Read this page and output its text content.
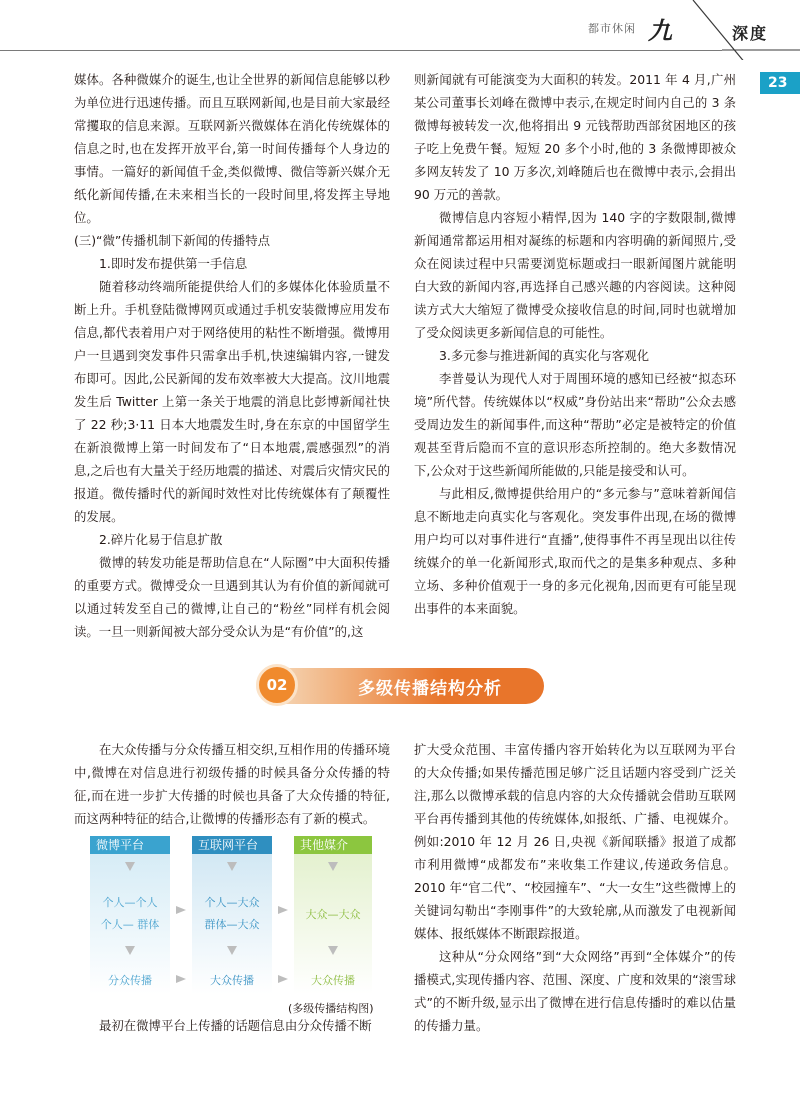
都市休闲 九	深度
23

媒体。各种微媒介的诞生,也让全世界的新闻信息能够以秒为单位进行迅速传播。而且互联网新闻,也是目前大家最经常攫取的信息来源。互联网新兴微媒体在消化传统媒体的信息之时,也在发挥开放平台,第一时间传播每个人身边的事情。一篇好的新闻值千金,类似微博、微信等新兴媒介无纸化新闻传播,在未来相当长的一段时间里,将发挥主导地位。

(三)“微”传播机制下新闻的传播特点

1.即时发布提供第一手信息

随着移动终端所能提供给人们的多媒体化体验质量不断上升。手机登陆微博网页或通过手机安装微博应用发布信息,都代表着用户对于网络使用的粘性不断增强。微博用户一旦遇到突发事件只需拿出手机,快速编辑内容,一键发布即可。因此,公民新闻的发布效率被大大提高。汶川地震发生后 Twitter 上第一条关于地震的消息比彭博新闻社快了 22 秒;3·11 日本大地震发生时,身在东京的中国留学生在新浪微博上第一时间发布了“日本地震,震感强烈”的消息,之后也有大量关于经历地震的描述、对震后灾情灾民的报道。微传播时代的新闻时效性对比传统媒体有了颠覆性的发展。

2.碎片化易于信息扩散

微博的转发功能是帮助信息在“人际圈”中大面积传播的重要方式。微博受众一旦遇到其认为有价值的新闻就可以通过转发至自己的微博,让自己的“粉丝”同样有机会阅读。一旦一则新闻被大部分受众认为是“有价值”的,这

则新闻就有可能演变为大面积的转发。2011 年 4 月,广州某公司董事长刘峰在微博中表示,在规定时间内自己的 3 条微博每被转发一次,他将捐出 9 元钱帮助西部贫困地区的孩子吃上免费午餐。短短 20 多个小时,他的 3 条微博即被众多网友转发了 10 万多次,刘峰随后也在微博中表示,会捐出 90 万元的善款。

微博信息内容短小精悍,因为 140 字的字数限制,微博新闻通常都运用相对凝练的标题和内容明确的新闻照片,受众在阅读过程中只需要浏览标题或扫一眼新闻图片就能明白大致的新闻内容,再选择自己感兴趣的内容阅读。这种阅读方式大大缩短了微博受众接收信息的时间,同时也就增加了受众阅读更多新闻信息的可能性。

3.多元参与推进新闻的真实化与客观化

李普曼认为现代人对于周围环境的感知已经被“拟态环境”所代替。传统媒体以“权威”身份站出来“帮助”公众去感受周边发生的新闻事件,而这种“帮助”必定是被特定的价值观甚至背后隐而不宣的意识形态所控制的。绝大多数情况下,公众对于这些新闻所能做的,只能是接受和认可。

与此相反,微博提供给用户的“多元参与”意味着新闻信息不断地走向真实化与客观化。突发事件出现,在场的微博用户均可以对事件进行“直播”,使得事件不再呈现出以往传统媒介的单一化新闻形式,取而代之的是集多种观点、多种立场、多种价值观于一身的多元化视角,因而更有可能呈现出事件的本来面貌。

02	多级传播结构分析

在大众传播与分众传播互相交织,互相作用的传播环境中,微博在对信息进行初级传播的时候具备分众传播的特征,而在进一步扩大传播的时候也具备了大众传播的特征,而这两种特征的结合,让微博的传播形态有了新的模式。

微博平台	互联网平台	其他媒介
个人—个人
个人— 群体
分众传播
个人—大众
群体—大众
大众传播
大众—大众
大众传播
(多级传播结构图)

最初在微博平台上传播的话题信息由分众传播不断

扩大受众范围、丰富传播内容开始转化为以互联网为平台的大众传播;如果传播范围足够广泛且话题内容受到广泛关注,那么以微博承载的信息内容的大众传播就会借助互联网平台再传播到其他的传统媒体,如报纸、广播、电视媒介。例如:2010 年 12 月 26 日,央视《新闻联播》报道了成都市利用微博“成都发布”来收集工作建议,传递政务信息。2010 年“官二代”、“校园撞车”、“大一女生”这些微博上的关键词勾勒出“李刚事件”的大致轮廓,从而激发了电视新闻媒体、报纸媒体不断跟踪报道。

这种从“分众网络”到“大众网络”再到“全体媒介”的传播模式,实现传播内容、范围、深度、广度和效果的“滚雪球式”的不断升级,显示出了微博在进行信息传播时的难以估量的传播力量。
